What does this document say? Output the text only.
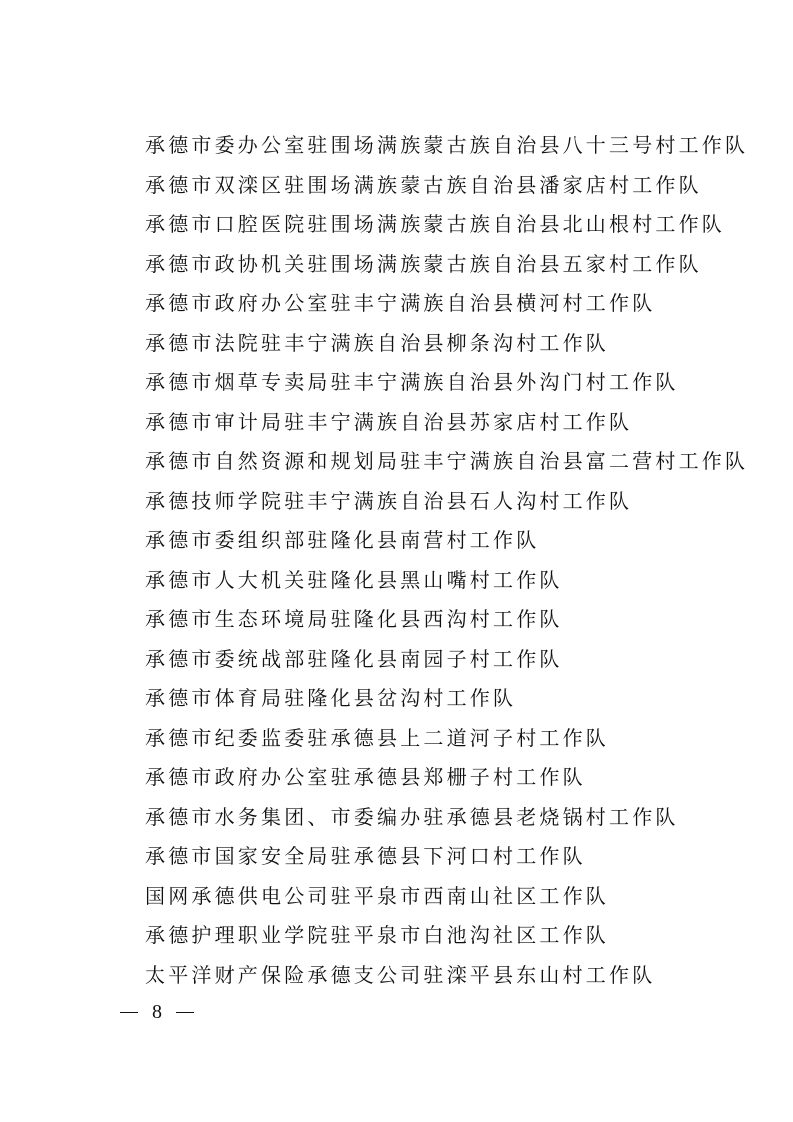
承德市委办公室驻围场满族蒙古族自治县八十三号村工作队
承德市双滦区驻围场满族蒙古族自治县潘家店村工作队
承德市口腔医院驻围场满族蒙古族自治县北山根村工作队
承德市政协机关驻围场满族蒙古族自治县五家村工作队
承德市政府办公室驻丰宁满族自治县横河村工作队
承德市法院驻丰宁满族自治县柳条沟村工作队
承德市烟草专卖局驻丰宁满族自治县外沟门村工作队
承德市审计局驻丰宁满族自治县苏家店村工作队
承德市自然资源和规划局驻丰宁满族自治县富二营村工作队
承德技师学院驻丰宁满族自治县石人沟村工作队
承德市委组织部驻隆化县南营村工作队
承德市人大机关驻隆化县黑山嘴村工作队
承德市生态环境局驻隆化县西沟村工作队
承德市委统战部驻隆化县南园子村工作队
承德市体育局驻隆化县岔沟村工作队
承德市纪委监委驻承德县上二道河子村工作队
承德市政府办公室驻承德县郑栅子村工作队
承德市水务集团、市委编办驻承德县老烧锅村工作队
承德市国家安全局驻承德县下河口村工作队
国网承德供电公司驻平泉市西南山社区工作队
承德护理职业学院驻平泉市白池沟社区工作队
太平洋财产保险承德支公司驻滦平县东山村工作队
8
